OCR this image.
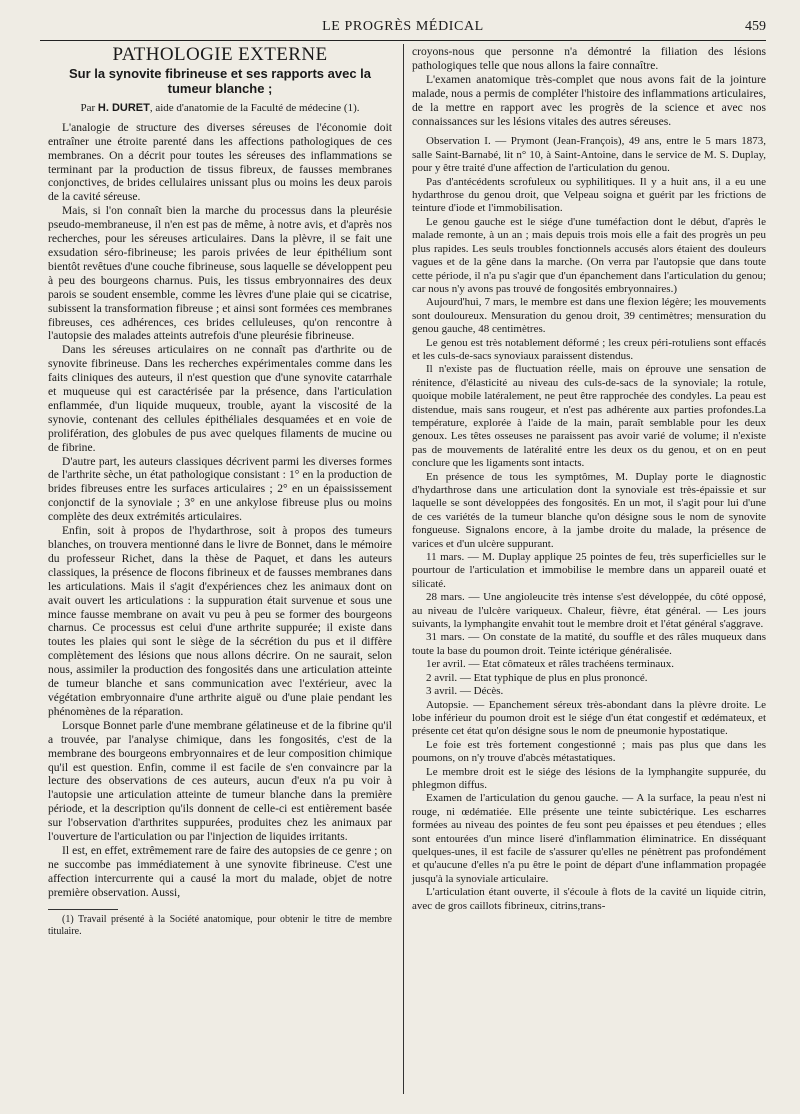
LE PROGRÈS MÉDICAL	459
PATHOLOGIE EXTERNE
Sur la synovite fibrineuse et ses rapports avec la tumeur blanche ;
Par H. DURET, aide d'anatomie de la Faculté de médecine (1).

L'analogie de structure des diverses séreuses de l'économie doit entraîner une étroite parenté dans les affections pathologiques de ces membranes. On a décrit pour toutes les séreuses des inflammations se terminant par la production de tissus fibreux, de fausses membranes conjonctives, de brides cellulaires unissant plus ou moins les deux parois de la cavité séreuse.

Mais, si l'on connaît bien la marche du processus dans la pleurésie pseudo-membraneuse, il n'en est pas de même, à notre avis, et d'après nos recherches, pour les séreuses articulaires. Dans la plèvre, il se fait une exsudation séro-fibrineuse; les parois privées de leur épithélium sont bientôt revêtues d'une couche fibrineuse, sous laquelle se développent peu à peu des bourgeons charnus. Puis, les tissus embryonnaires des deux parois se soudent ensemble, comme les lèvres d'une plaie qui se cicatrise, subissent la transformation fibreuse ; et ainsi sont formées ces membranes fibreuses, ces adhérences, ces brides celluleuses, qu'on rencontre à l'autopsie des malades atteints autrefois d'une pleurésie fibrineuse.

Dans les séreuses articulaires on ne connaît pas d'arthrite ou de synovite fibrineuse. Dans les recherches expérimentales comme dans les faits cliniques des auteurs, il n'est question que d'une synovite catarrhale et muqueuse qui est caractérisée par la présence, dans l'articulation enflammée, d'un liquide muqueux, trouble, ayant la viscosité de la synovie, contenant des cellules épithéliales desquamées et en voie de prolifération, des globules de pus avec quelques filaments de mucine ou de fibrine.

D'autre part, les auteurs classiques décrivent parmi les diverses formes de l'arthrite sèche, un état pathologique consistant : 1° en la production de brides fibreuses entre les surfaces articulaires ; 2° en un épaississement conjonctif de la synoviale ; 3° en une ankylose fibreuse plus ou moins complète des deux extrémités articulaires.

Enfin, soit à propos de l'hydarthrose, soit à propos des tumeurs blanches, on trouvera mentionné dans le livre de Bonnet, dans le mémoire du professeur Richet, dans la thèse de Paquet, et dans les auteurs classiques, la présence de flocons fibrineux et de fausses membranes dans les articulations. Mais il s'agit d'expériences chez les animaux dont on avait ouvert les articulations : la suppuration était survenue et sous une mince fausse membrane on avait vu peu à peu se former des bourgeons charnus. Ce processus est celui d'une arthrite suppurée; il existe dans toutes les plaies qui sont le siège de la sécrétion du pus et il diffère complètement des lésions que nous allons décrire. On ne saurait, selon nous, assimiler la production des fongosités dans une articulation atteinte de tumeur blanche et sans communication avec l'extérieur, avec la végétation embryonnaire d'une arthrite aiguë ou d'une plaie pendant les phénomènes de la réparation.

Lorsque Bonnet parle d'une membrane gélatineuse et de la fibrine qu'il a trouvée, par l'analyse chimique, dans les fongosités, c'est de la membrane des bourgeons embryonnaires et de leur composition chimique qu'il est question. Enfin, comme il est facile de s'en convaincre par la lecture des observations de ces auteurs, aucun d'eux n'a pu voir à l'autopsie une articulation atteinte de tumeur blanche dans la première période, et la description qu'ils donnent de celle-ci est entièrement basée sur l'observation d'arthrites suppurées, produites chez les animaux par l'ouverture de l'articulation ou par l'injection de liquides irritants.

Il est, en effet, extrêmement rare de faire des autopsies de ce genre ; on ne succombe pas immédiatement à une synovite fibrineuse. C'est une affection intercurrente qui a causé la mort du malade, objet de notre première observation. Aussi,

(1) Travail présenté à la Société anatomique, pour obtenir le titre de membre titulaire.

croyons-nous que personne n'a démontré la filiation des lésions pathologiques telle que nous allons la faire connaître.

L'examen anatomique très-complet que nous avons fait de la jointure malade, nous a permis de compléter l'histoire des inflammations articulaires, de la mettre en rapport avec les progrès de la science et avec nos connaissances sur les lésions vitales des autres séreuses.

Observation I. — Prymont (Jean-François), 49 ans, entre le 5 mars 1873, salle Saint-Barnabé, lit n° 10, à Saint-Antoine, dans le service de M. S. Duplay, pour y être traité d'une affection de l'articulation du genou.

Pas d'antécédents scrofuleux ou syphilitiques. Il y a huit ans, il a eu une hydarthrose du genou droit, que Velpeau soigna et guérit par les frictions de teinture d'iode et l'immobilisation.

Le genou gauche est le siége d'une tuméfaction dont le début, d'après le malade remonte, à un an ; mais depuis trois mois elle a fait des progrès un peu plus rapides. Les seuls troubles fonctionnels accusés alors étaient des douleurs vagues et de la gêne dans la marche. (On verra par l'autopsie que dans toute cette période, il n'a pu s'agir que d'un épanchement dans l'articulation du genou; car nous n'y avons pas trouvé de fongosités embryonnaires.)

Aujourd'hui, 7 mars, le membre est dans une flexion légère; les mouvements sont douloureux. Mensuration du genou droit, 39 centimètres; mensuration du genou gauche, 48 centimètres.

Le genou est très notablement déformé ; les creux péri-rotuliens sont effacés et les culs-de-sacs synoviaux paraissent distendus.

Il n'existe pas de fluctuation réelle, mais on éprouve une sensation de rénitence, d'élasticité au niveau des culs-de-sacs de la synoviale; la rotule, quoique mobile latéralement, ne peut être rapprochée des condyles. La peau est distendue, mais sans rougeur, et n'est pas adhérente aux parties profondes.La température, explorée à l'aide de la main, paraît semblable pour les deux genoux. Les têtes osseuses ne paraissent pas avoir varié de volume; il n'existe pas de mouvements de latéralité entre les deux os du genou, et on en peut conclure que les ligaments sont intacts.

En présence de tous les symptômes, M. Duplay porte le diagnostic d'hydarthrose dans une articulation dont la synoviale est très-épaissie et sur laquelle se sont développées des fongosités. En un mot, il s'agit pour lui d'une de ces variétés de la tumeur blanche qu'on désigne sous le nom de synovite fongueuse. Signalons encore, à la jambe droite du malade, la présence de varices et d'un ulcère suppurant.

11 mars. — M. Duplay applique 25 pointes de feu, très superficielles sur le pourtour de l'articulation et immobilise le membre dans un appareil ouaté et silicaté.

28 mars. — Une angioleucite très intense s'est développée, du côté opposé, au niveau de l'ulcère variqueux. Chaleur, fièvre, état général. — Les jours suivants, la lymphangite envahit tout le membre droit et l'état général s'aggrave.

31 mars. — On constate de la matité, du souffle et des râles muqueux dans toute la base du poumon droit. Teinte ictérique généralisée.

1er avril. — Etat cômateux et râles trachéens terminaux.

2 avril. — Etat typhique de plus en plus prononcé.

3 avril. — Décès.

Autopsie. — Epanchement séreux très-abondant dans la plèvre droite. Le lobe inférieur du poumon droit est le siége d'un état congestif et œdémateux, et présente cet état qu'on désigne sous le nom de pneumonie hypostatique.

Le foie est très fortement congestionné ; mais pas plus que dans les poumons, on n'y trouve d'abcès métastatiques.

Le membre droit est le siége des lésions de la lymphangite suppurée, du phlegmon diffus.

Examen de l'articulation du genou gauche. — A la surface, la peau n'est ni rouge, ni œdématiée. Elle présente une teinte subictérique. Les escharres formées au niveau des pointes de feu sont peu épaisses et peu étendues ; elles sont entourées d'un mince liseré d'inflammation éliminatrice. En disséquant quelques-unes, il est facile de s'assurer qu'elles ne pénètrent pas profondément et qu'aucune d'elles n'a pu être le point de départ d'une inflammation propagée jusqu'à la synoviale articulaire.

L'articulation étant ouverte, il s'écoule à flots de la cavité un liquide citrin, avec de gros caillots fibrineux, citrins,trans-
